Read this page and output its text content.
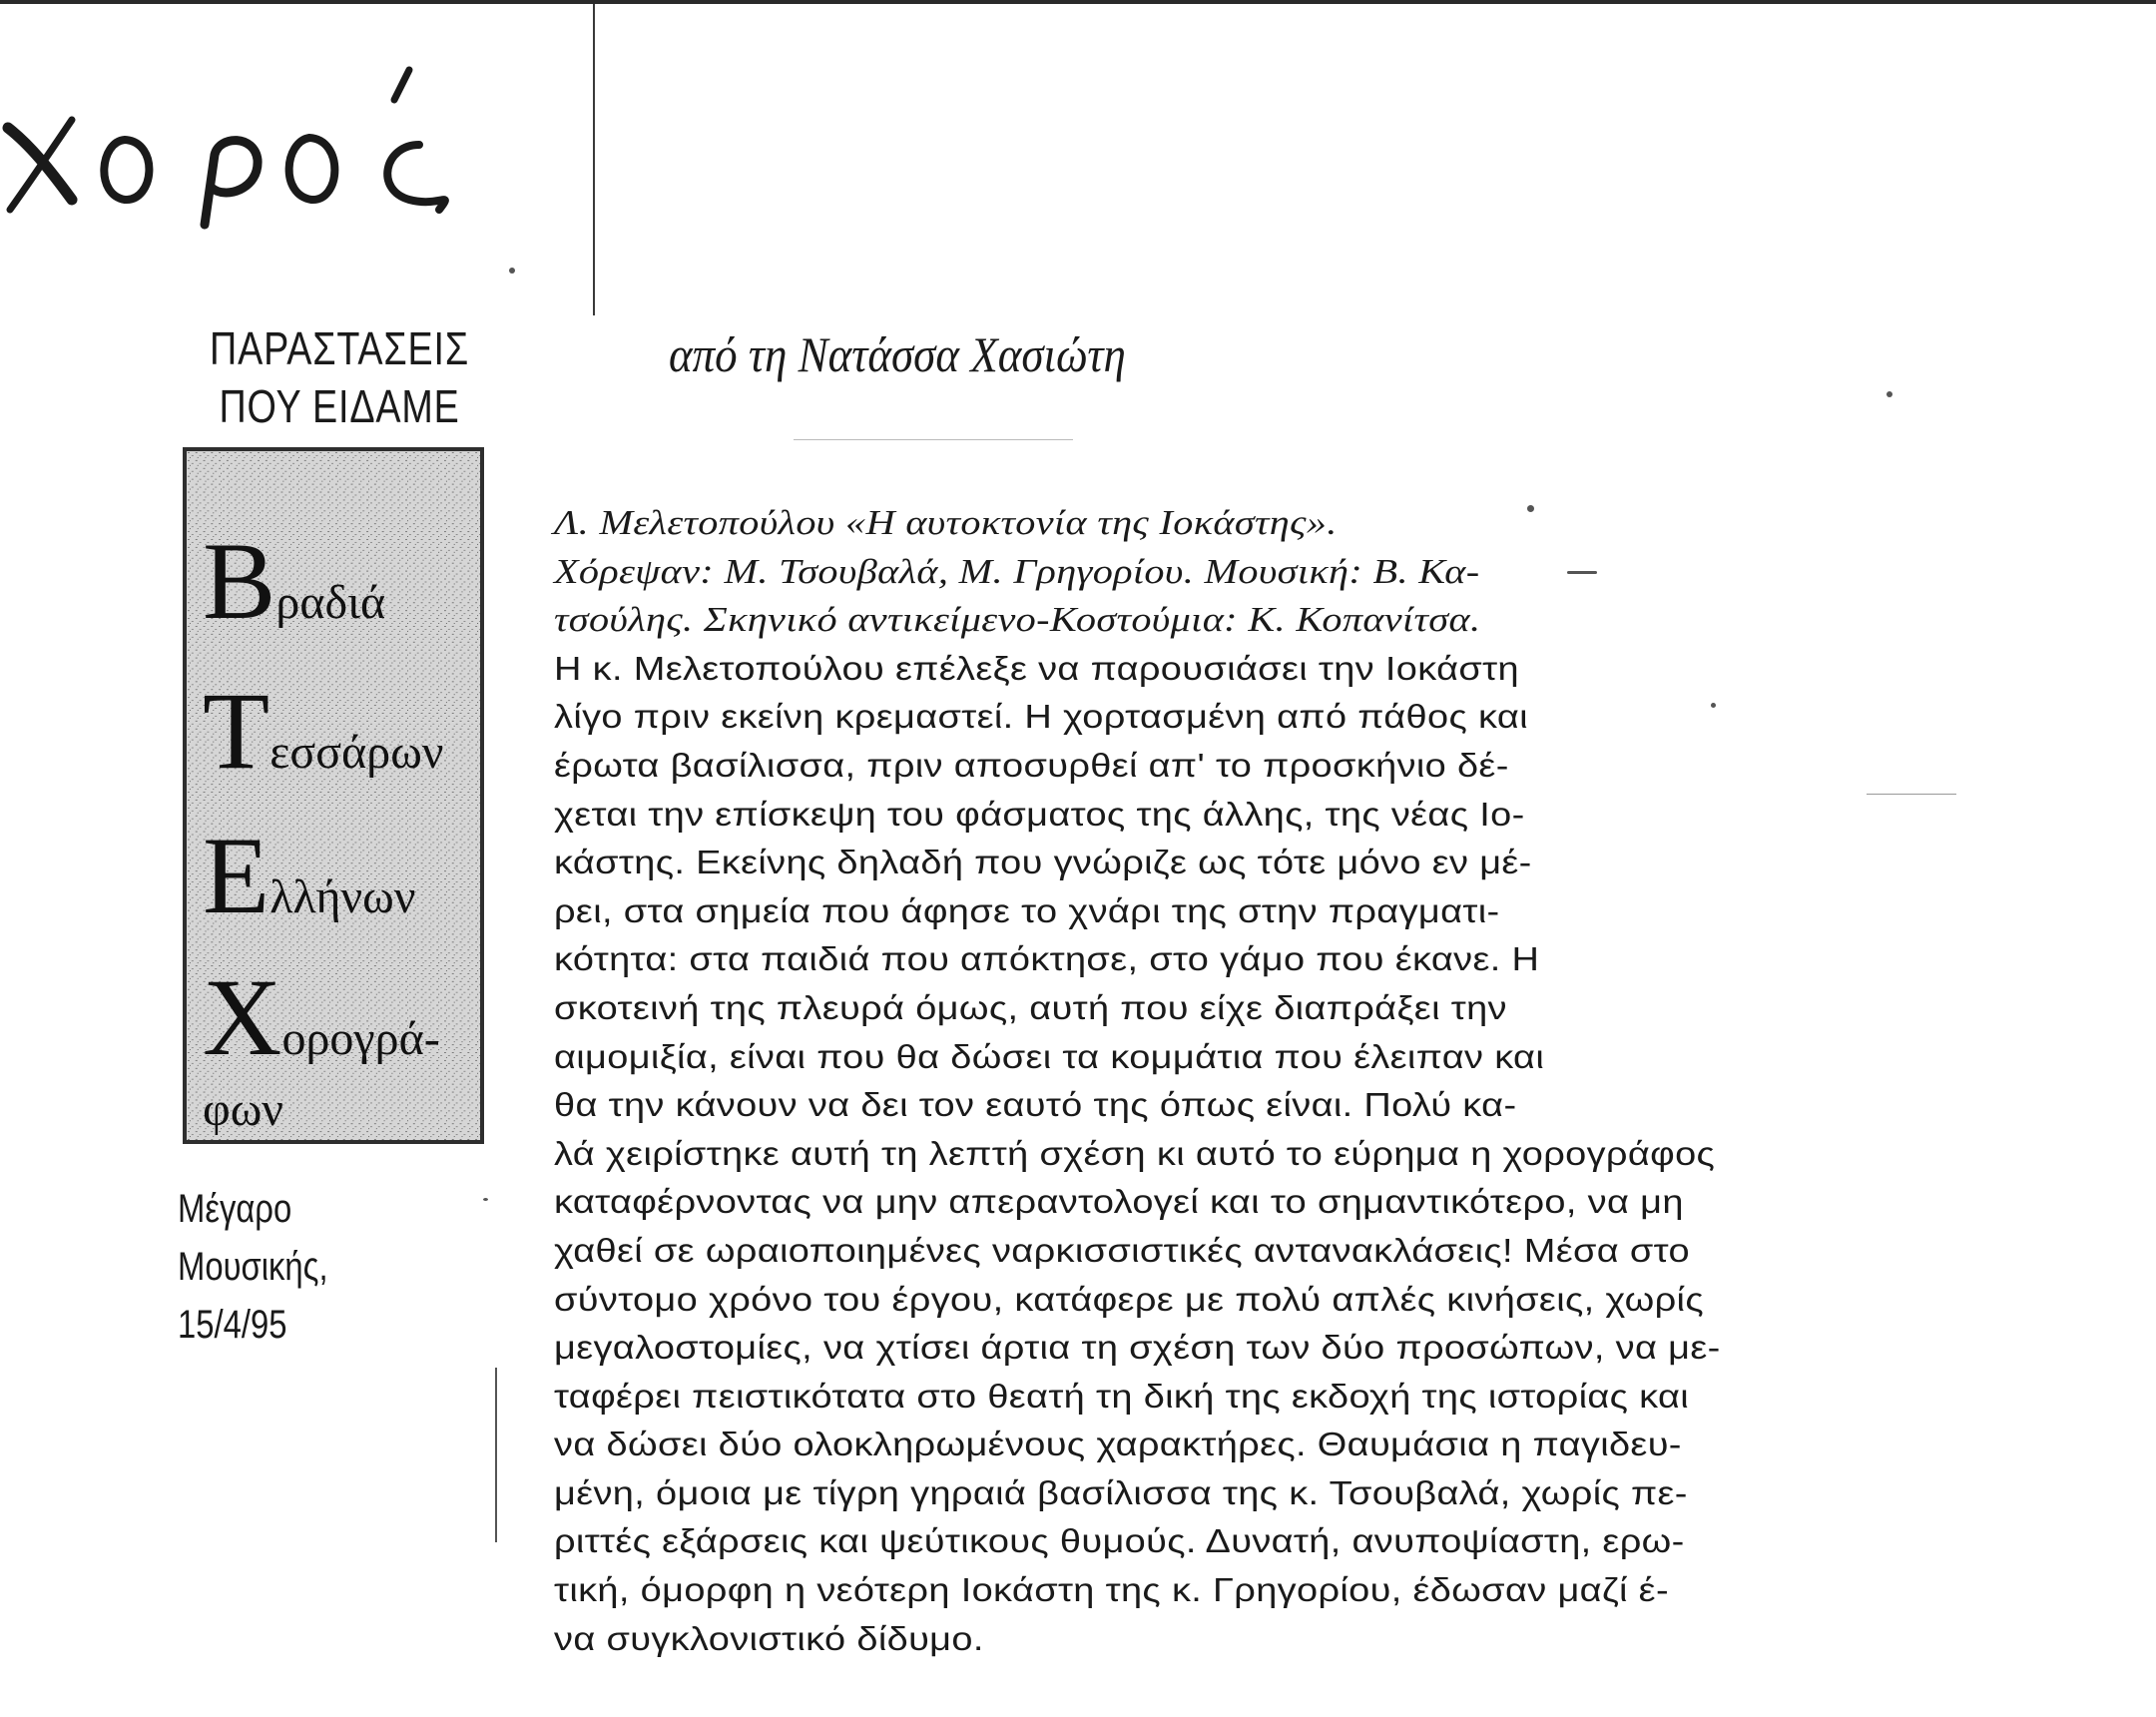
ΠΑΡΑΣΤΑΣΕΙΣ
ΠΟΥ ΕΙΔΑΜΕ
από τη Νατάσσα Χασιώτη
Βραδιά
Τεσσάρων
Ελλήνων
Χορογρά-
φων
Μέγαρο
Μουσικής,
15/4/95
Λ. Μελετοπούλου «Η αυτοκτονία της Ιοκάστης».
Χόρεψαν: Μ. Τσουβαλά, Μ. Γρηγορίου. Μουσική: Β. Κα-
τσούλης. Σκηνικό αντικείμενο-Κοστούμια: Κ. Κοπανίτσα.
Η κ. Μελετοπούλου επέλεξε να παρουσιάσει την Ιοκάστη
λίγο πριν εκείνη κρεμαστεί. Η χορτασμένη από πάθος και
έρωτα βασίλισσα, πριν αποσυρθεί απ' το προσκήνιο δέ-
χεται την επίσκεψη του φάσματος της άλλης, της νέας Ιο-
κάστης. Εκείνης δηλαδή που γνώριζε ως τότε μόνο εν μέ-
ρει, στα σημεία που άφησε το χνάρι της στην πραγματι-
κότητα: στα παιδιά που απόκτησε, στο γάμο που έκανε. Η
σκοτεινή της πλευρά όμως, αυτή που είχε διαπράξει την
αιμομιξία, είναι που θα δώσει τα κομμάτια που έλειπαν και
θα την κάνουν να δει τον εαυτό της όπως είναι. Πολύ κα-
λά χειρίστηκε αυτή τη λεπτή σχέση κι αυτό το εύρημα η χορογράφος
καταφέρνοντας να μην απεραντολογεί και το σημαντικότερο, να μη
χαθεί σε ωραιοποιημένες ναρκισσιστικές αντανακλάσεις! Μέσα στο
σύντομο χρόνο του έργου, κατάφερε με πολύ απλές κινήσεις, χωρίς
μεγαλοστομίες, να χτίσει άρτια τη σχέση των δύο προσώπων, να με-
ταφέρει πειστικότατα στο θεατή τη δική της εκδοχή της ιστορίας και
να δώσει δύο ολοκληρωμένους χαρακτήρες. Θαυμάσια η παγιδευ-
μένη, όμοια με τίγρη γηραιά βασίλισσα της κ. Τσουβαλά, χωρίς πε-
ριττές εξάρσεις και ψεύτικους θυμούς. Δυνατή, ανυποψίαστη, ερω-
τική, όμορφη η νεότερη Ιοκάστη της κ. Γρηγορίου, έδωσαν μαζί έ-
να συγκλονιστικό δίδυμο.
